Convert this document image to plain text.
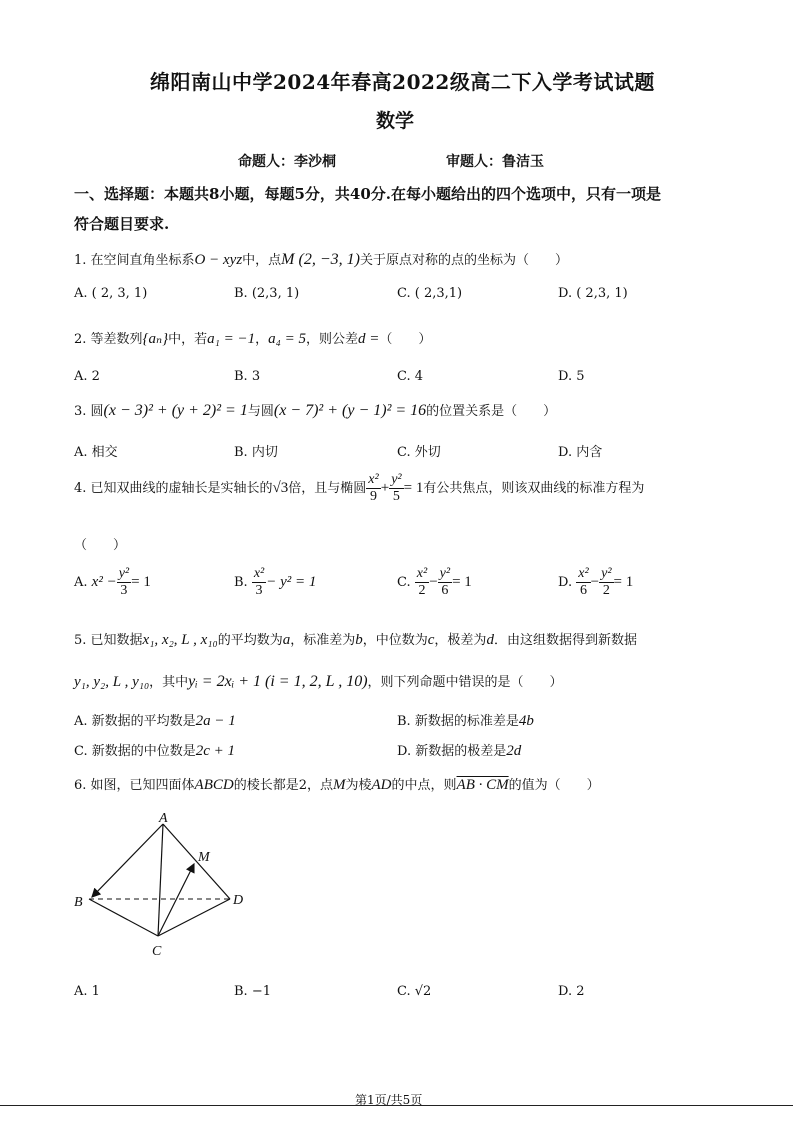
绵阳南山中学2024年春高2022级高二下入学考试试题
数学
命题人：李沙桐	审题人：鲁洁玉
一、选择题：本题共8小题，每题5分，共40分.在每小题给出的四个选项中，只有一项是
符合题目要求.
1. 在空间直角坐标系O − xyz中，点M (2, −3, 1)关于原点对称的点的坐标为（　　）
A. ( 2, 3, 1)	B. (2,3, 1)	C. ( 2,3,1)	D. ( 2,3, 1)
2. 等差数列{aₙ}中，若a₁ = −1，a₄ = 5，则公差d =（　　）
A. 2	B. 3	C. 4	D. 5
3. 圆(x − 3)² + (y + 2)² = 1与圆(x − 7)² + (y − 1)² = 16的位置关系是（　　）
A. 相交	B. 内切	C. 外切	D. 内含
4. 已知双曲线的虚轴长是实轴长的√3倍，且与椭圆 $\frac{\text{x²}}{9} + \frac{\text{y²}}{5} = 1$有公共焦点，则该双曲线的标准方程为
（　　）
A. $x^2 - \frac{\text{y²}}{3} = 1$	B. $\frac{\text{x²}}{3} - y^2 = 1$	C. $\frac{\text{x²}}{2} - \frac{\text{y²}}{6} = 1$	D. $\frac{\text{x²}}{6} - \frac{\text{y²}}{2} = 1$
5. 已知数据x₁, x₂, L , x₁₀的平均数为a，标准差为b，中位数为c，极差为d．由这组数据得到新数据
y₁, y₂, L , y₁₀，其中yᵢ = 2xᵢ + 1 (i = 1, 2, L , 10)，则下列命题中错误的是（　　）
A. 新数据的平均数是2a − 1	B. 新数据的标准差是4b
C. 新数据的中位数是2c + 1	D. 新数据的极差是2d
6. 如图，已知四面体ABCD的棱长都是2，点M为棱AD的中点，则AB · CM的值为（　　）
A
M
B	D
C
A. 1	B. −1	C. √2	D. 2
第1页/共5页
